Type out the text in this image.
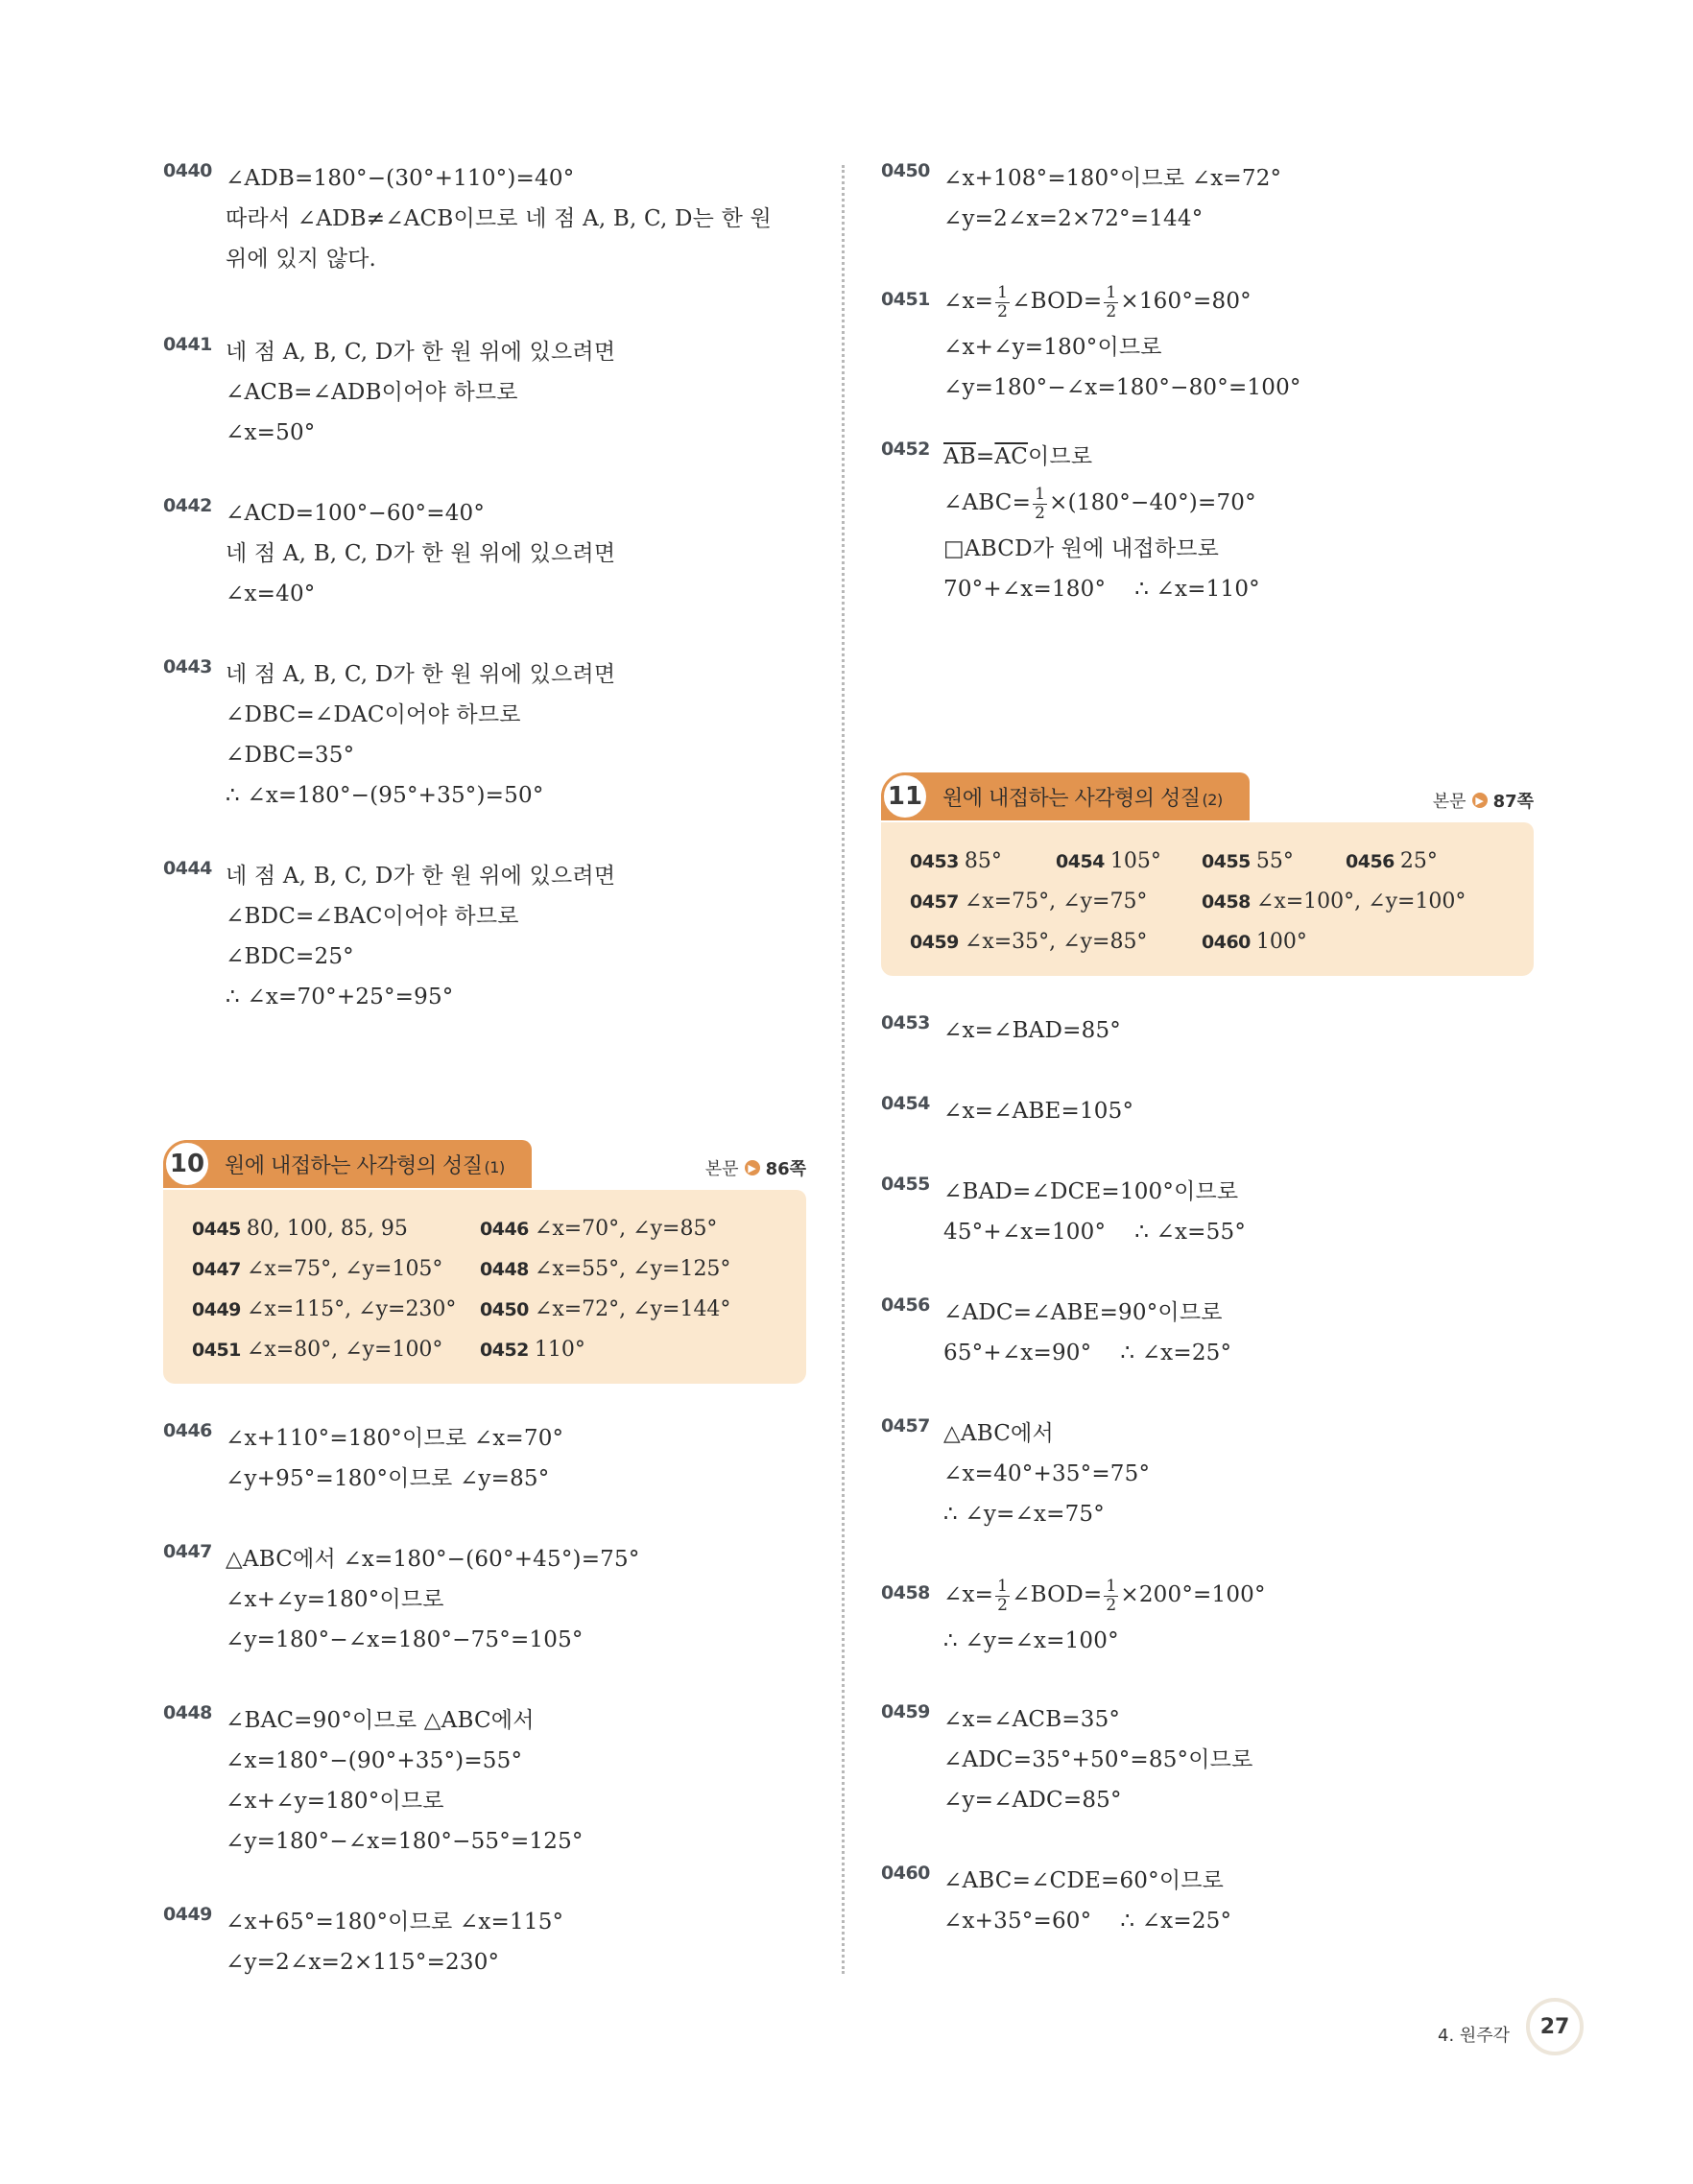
0440 ∠ADB=180°−(30°+110°)=40°
따라서 ∠ADB≠∠ACB이므로 네 점 A, B, C, D는 한 원
위에 있지 않다.
0441 네 점 A, B, C, D가 한 원 위에 있으려면
∠ACB=∠ADB이어야 하므로
∠x=50°
0442 ∠ACD=100°−60°=40°
네 점 A, B, C, D가 한 원 위에 있으려면
∠x=40°
0443 네 점 A, B, C, D가 한 원 위에 있으려면
∠DBC=∠DAC이어야 하므로
∠DBC=35°
∴ ∠x=180°−(95°+35°)=50°
0444 네 점 A, B, C, D가 한 원 위에 있으려면
∠BDC=∠BAC이어야 하므로
∠BDC=25°
∴ ∠x=70°+25°=95°
10 원에 내접하는 사각형의 성질 (1)	본문 ▶ 86쪽
0445 80, 100, 85, 95	0446 ∠x=70°, ∠y=85°
0447 ∠x=75°, ∠y=105°	0448 ∠x=55°, ∠y=125°
0449 ∠x=115°, ∠y=230°	0450 ∠x=72°, ∠y=144°
0451 ∠x=80°, ∠y=100°	0452 110°
0446 ∠x+110°=180°이므로 ∠x=70°
∠y+95°=180°이므로 ∠y=85°
0447 △ABC에서 ∠x=180°−(60°+45°)=75°
∠x+∠y=180°이므로
∠y=180°−∠x=180°−75°=105°
0448 ∠BAC=90°이므로 △ABC에서
∠x=180°−(90°+35°)=55°
∠x+∠y=180°이므로
∠y=180°−∠x=180°−55°=125°
0449 ∠x+65°=180°이므로 ∠x=115°
∠y=2∠x=2×115°=230°
0450 ∠x+108°=180°이므로 ∠x=72°
∠y=2∠x=2×72°=144°
0451 ∠x= $\frac{1}{2}$ ∠BOD= $\frac{1}{2} \times 160^\circ=80^\circ$
∠x+∠y=180°이므로
∠y=180°−∠x=180°−80°=100°
0452 $\overline{AB}=\overline{AC}$이므로
∠ABC= $\frac{1}{2} \times(180^\circ-40^\circ)=70^\circ$
□ABCD가 원에 내접하므로
70°+∠x=180°    ∴ ∠x=110°
11 원에 내접하는 사각형의 성질 (2)	본문 ▶ 87쪽
0453 85°	0454 105°	0455 55°	0456 25°
0457 ∠x=75°, ∠y=75°	0458 ∠x=100°, ∠y=100°
0459 ∠x=35°, ∠y=85°	0460 100°
0453 ∠x=∠BAD=85°
0454 ∠x=∠ABE=105°
0455 ∠BAD=∠DCE=100°이므로
45°+∠x=100°    ∴ ∠x=55°
0456 ∠ADC=∠ABE=90°이므로
65°+∠x=90°    ∴ ∠x=25°
0457 △ABC에서
∠x=40°+35°=75°
∴ ∠y=∠x=75°
0458 ∠x= $\frac{1}{2}$ ∠BOD= $\frac{1}{2} \times 200^\circ=100^\circ$
∴ ∠y=∠x=100°
0459 ∠x=∠ACB=35°
∠ADC=35°+50°=85°이므로
∠y=∠ADC=85°
0460 ∠ABC=∠CDE=60°이므로
∠x+35°=60°    ∴ ∠x=25°
4. 원주각	27
